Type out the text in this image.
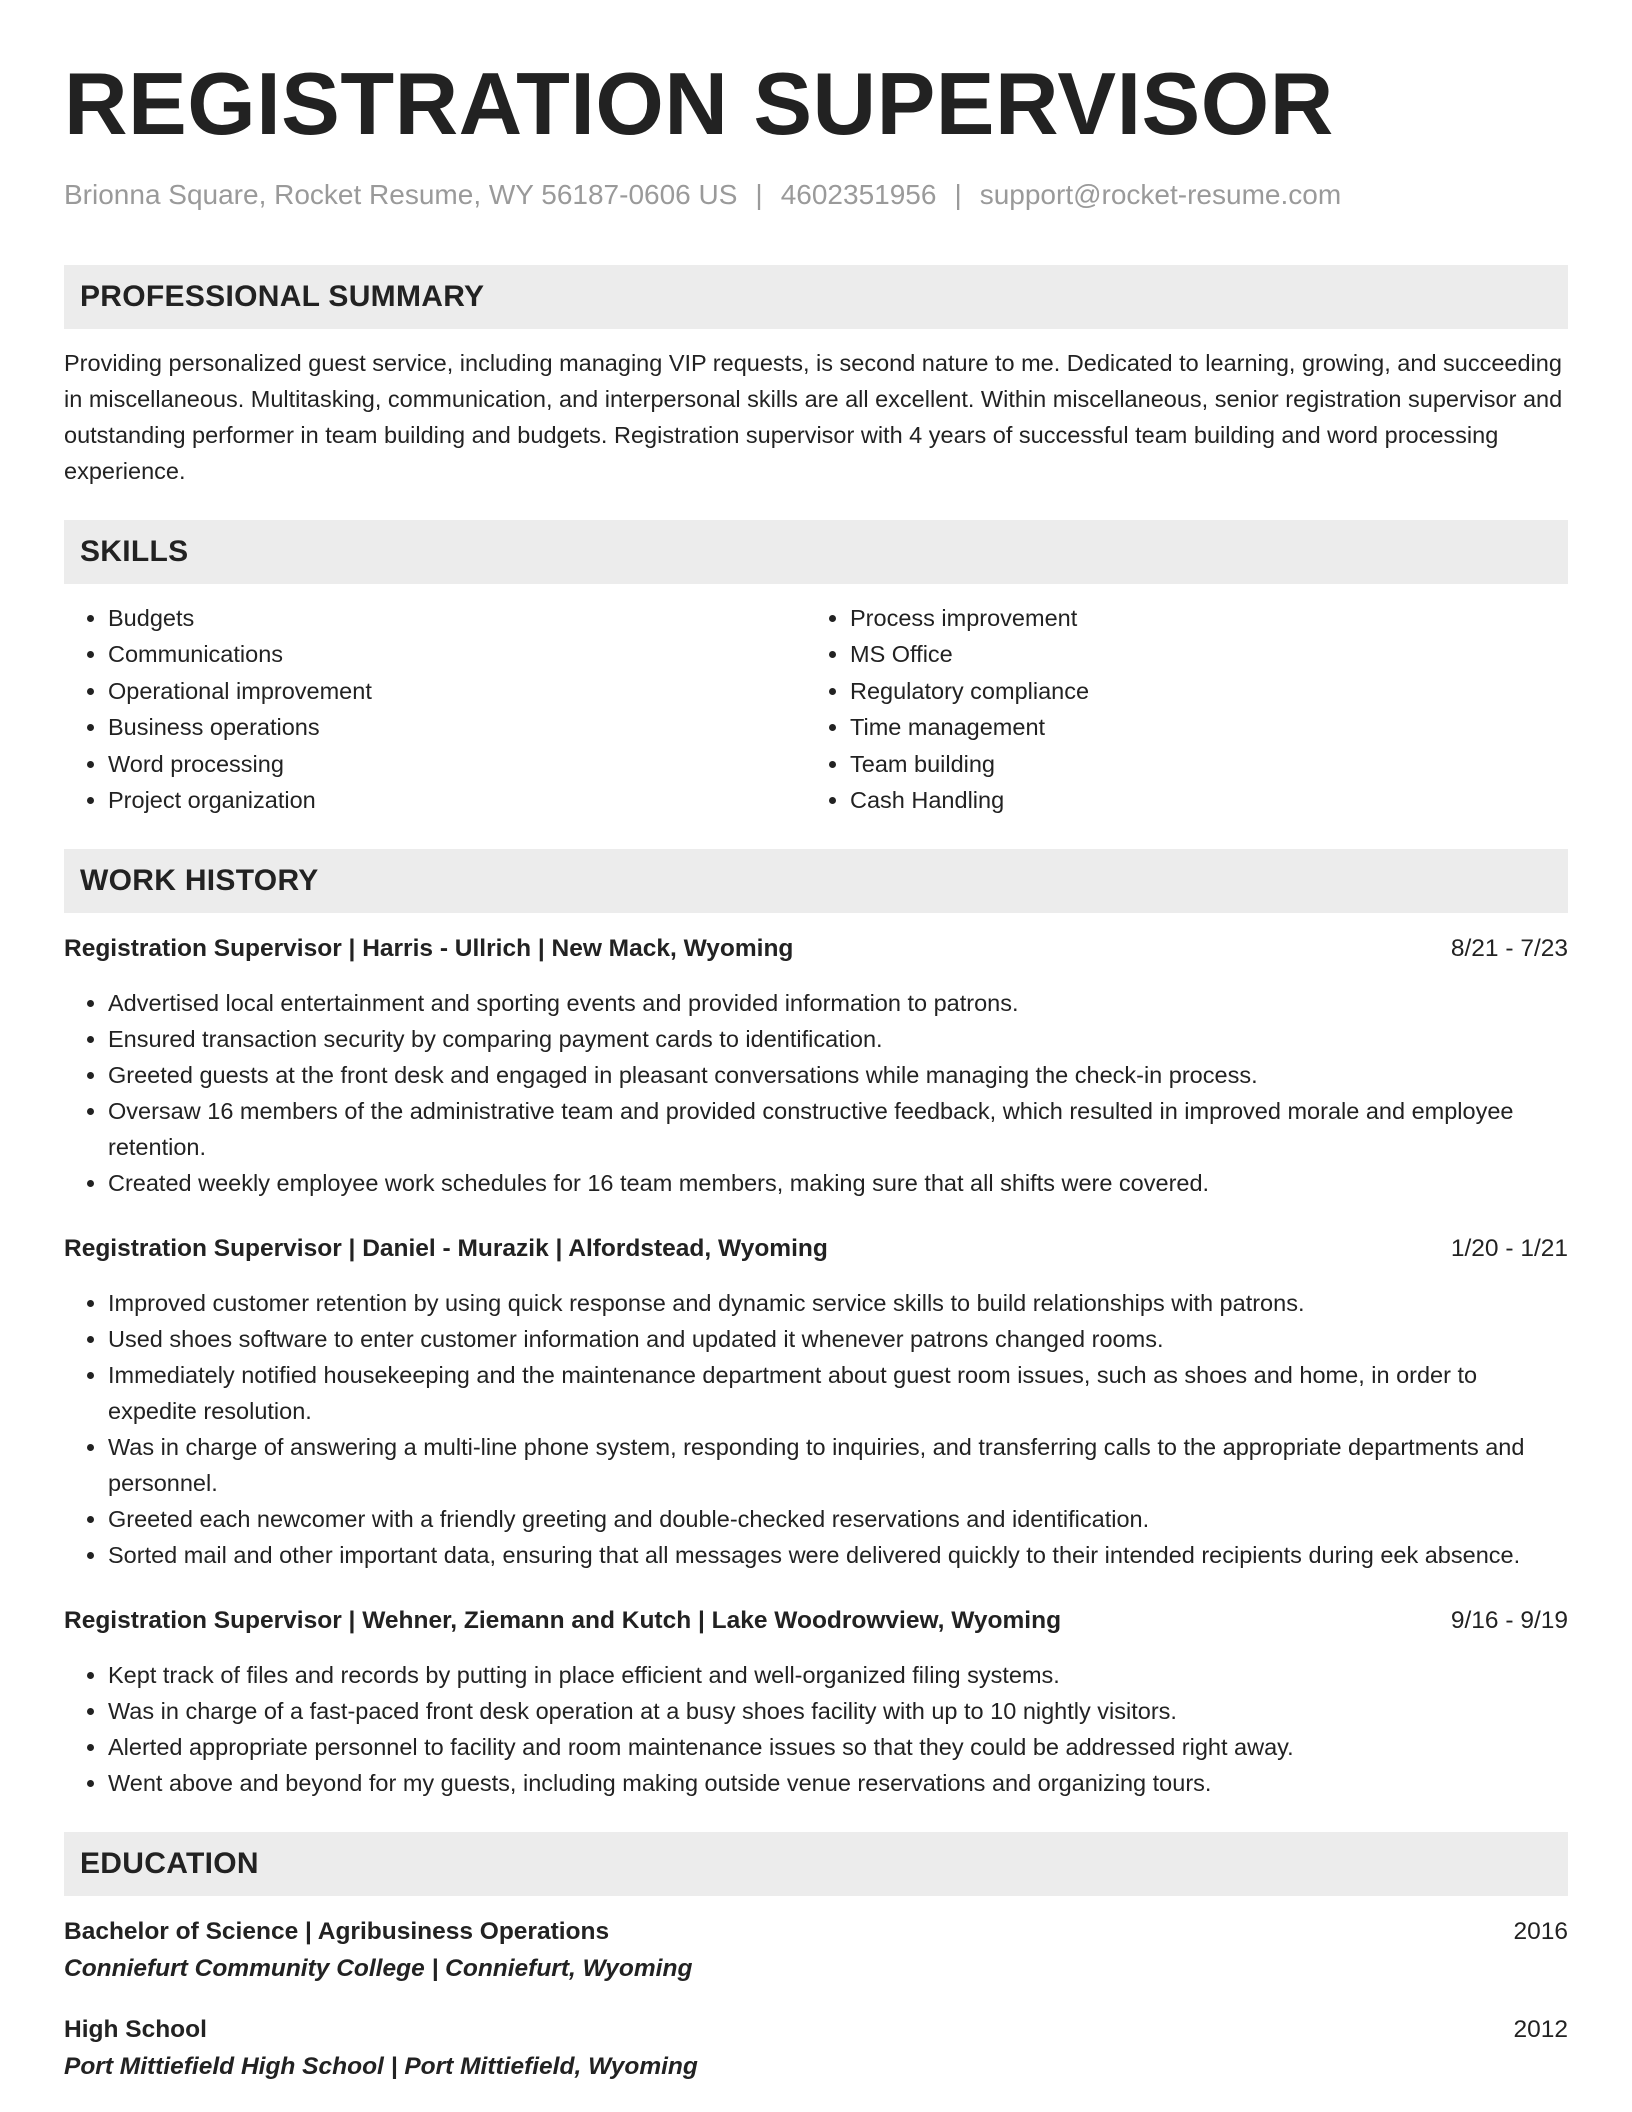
REGISTRATION SUPERVISOR
Brionna Square, Rocket Resume, WY 56187-0606 US | 4602351956 | support@rocket-resume.com
PROFESSIONAL SUMMARY

Providing personalized guest service, including managing VIP requests, is second nature to me. Dedicated to learning, growing, and succeeding in miscellaneous. Multitasking, communication, and interpersonal skills are all excellent. Within miscellaneous, senior registration supervisor and outstanding performer in team building and budgets. Registration supervisor with 4 years of successful team building and word processing experience.

SKILLS
• Budgets
• Communications
• Operational improvement
• Business operations
• Word processing
• Project organization
• Process improvement
• MS Office
• Regulatory compliance
• Time management
• Team building
• Cash Handling
WORK HISTORY
Registration Supervisor | Harris - Ullrich | New Mack, Wyoming	8/21 - 7/23
• Advertised local entertainment and sporting events and provided information to patrons.
• Ensured transaction security by comparing payment cards to identification.
• Greeted guests at the front desk and engaged in pleasant conversations while managing the check-in process.
• Oversaw 16 members of the administrative team and provided constructive feedback, which resulted in improved morale and employee retention.
• Created weekly employee work schedules for 16 team members, making sure that all shifts were covered.
Registration Supervisor | Daniel - Murazik | Alfordstead, Wyoming	1/20 - 1/21
• Improved customer retention by using quick response and dynamic service skills to build relationships with patrons.
• Used shoes software to enter customer information and updated it whenever patrons changed rooms.
• Immediately notified housekeeping and the maintenance department about guest room issues, such as shoes and home, in order to expedite resolution.
• Was in charge of answering a multi-line phone system, responding to inquiries, and transferring calls to the appropriate departments and personnel.
• Greeted each newcomer with a friendly greeting and double-checked reservations and identification.
• Sorted mail and other important data, ensuring that all messages were delivered quickly to their intended recipients during eek absence.
Registration Supervisor | Wehner, Ziemann and Kutch | Lake Woodrowview, Wyoming	9/16 - 9/19
• Kept track of files and records by putting in place efficient and well-organized filing systems.
• Was in charge of a fast-paced front desk operation at a busy shoes facility with up to 10 nightly visitors.
• Alerted appropriate personnel to facility and room maintenance issues so that they could be addressed right away.
• Went above and beyond for my guests, including making outside venue reservations and organizing tours.
EDUCATION
Bachelor of Science | Agribusiness Operations	2016
Conniefurt Community College | Conniefurt, Wyoming
High School	2012
Port Mittiefield High School | Port Mittiefield, Wyoming
